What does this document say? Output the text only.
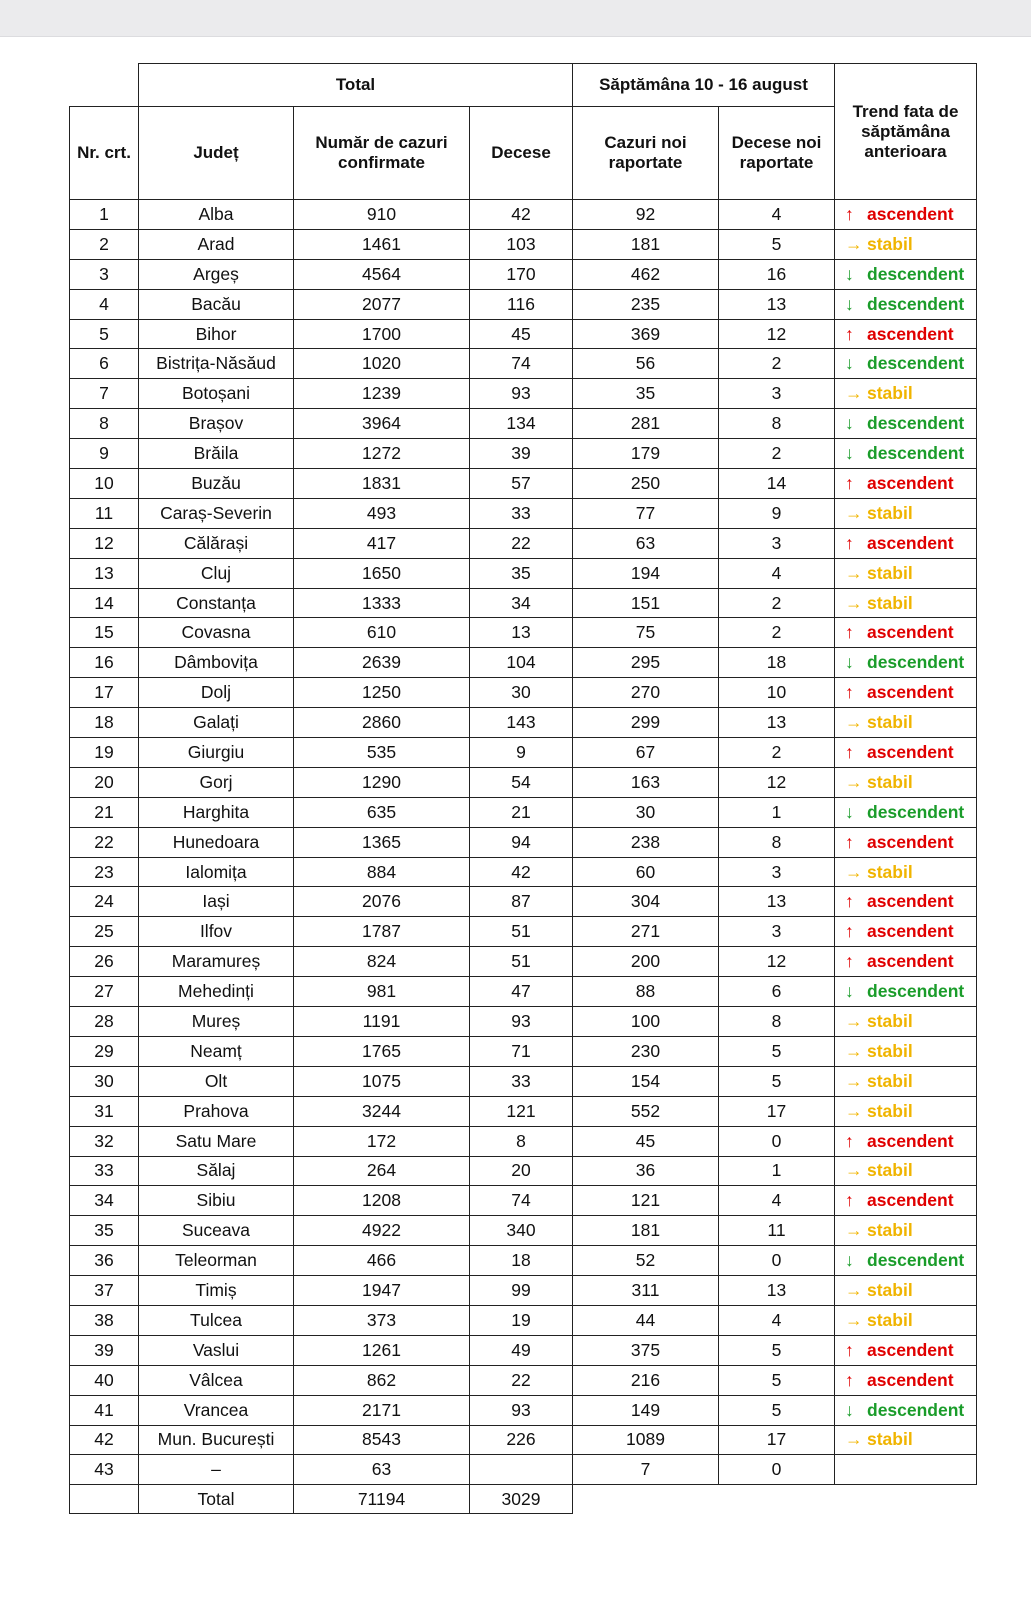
	Total			Săptămâna 10 - 16 august		Trend fata de săptămâna anterioara
Nr. crt.	Județ	Număr de cazuri confirmate	Decese	Cazuri noi raportate	Decese noi raportate	
1	Alba	910	42	92	4	↑ ascendent
2	Arad	1461	103	181	5	→ stabil
3	Argeș	4564	170	462	16	↓ descendent
4	Bacău	2077	116	235	13	↓ descendent
5	Bihor	1700	45	369	12	↑ ascendent
6	Bistrița-Năsăud	1020	74	56	2	↓ descendent
7	Botoșani	1239	93	35	3	→ stabil
8	Brașov	3964	134	281	8	↓ descendent
9	Brăila	1272	39	179	2	↓ descendent
10	Buzău	1831	57	250	14	↑ ascendent
11	Caraș-Severin	493	33	77	9	→ stabil
12	Călărași	417	22	63	3	↑ ascendent
13	Cluj	1650	35	194	4	→ stabil
14	Constanța	1333	34	151	2	→ stabil
15	Covasna	610	13	75	2	↑ ascendent
16	Dâmbovița	2639	104	295	18	↓ descendent
17	Dolj	1250	30	270	10	↑ ascendent
18	Galați	2860	143	299	13	→ stabil
19	Giurgiu	535	9	67	2	↑ ascendent
20	Gorj	1290	54	163	12	→ stabil
21	Harghita	635	21	30	1	↓ descendent
22	Hunedoara	1365	94	238	8	↑ ascendent
23	Ialomița	884	42	60	3	→ stabil
24	Iași	2076	87	304	13	↑ ascendent
25	Ilfov	1787	51	271	3	↑ ascendent
26	Maramureș	824	51	200	12	↑ ascendent
27	Mehedinți	981	47	88	6	↓ descendent
28	Mureș	1191	93	100	8	→ stabil
29	Neamț	1765	71	230	5	→ stabil
30	Olt	1075	33	154	5	→ stabil
31	Prahova	3244	121	552	17	→ stabil
32	Satu Mare	172	8	45	0	↑ ascendent
33	Sălaj	264	20	36	1	→ stabil
34	Sibiu	1208	74	121	4	↑ ascendent
35	Suceava	4922	340	181	11	→ stabil
36	Teleorman	466	18	52	0	↓ descendent
37	Timiș	1947	99	311	13	→ stabil
38	Tulcea	373	19	44	4	→ stabil
39	Vaslui	1261	49	375	5	↑ ascendent
40	Vâlcea	862	22	216	5	↑ ascendent
41	Vrancea	2171	93	149	5	↓ descendent
42	Mun. București	8543	226	1089	17	→ stabil
43	–	63		7	0	
	Total	71194	3029			
